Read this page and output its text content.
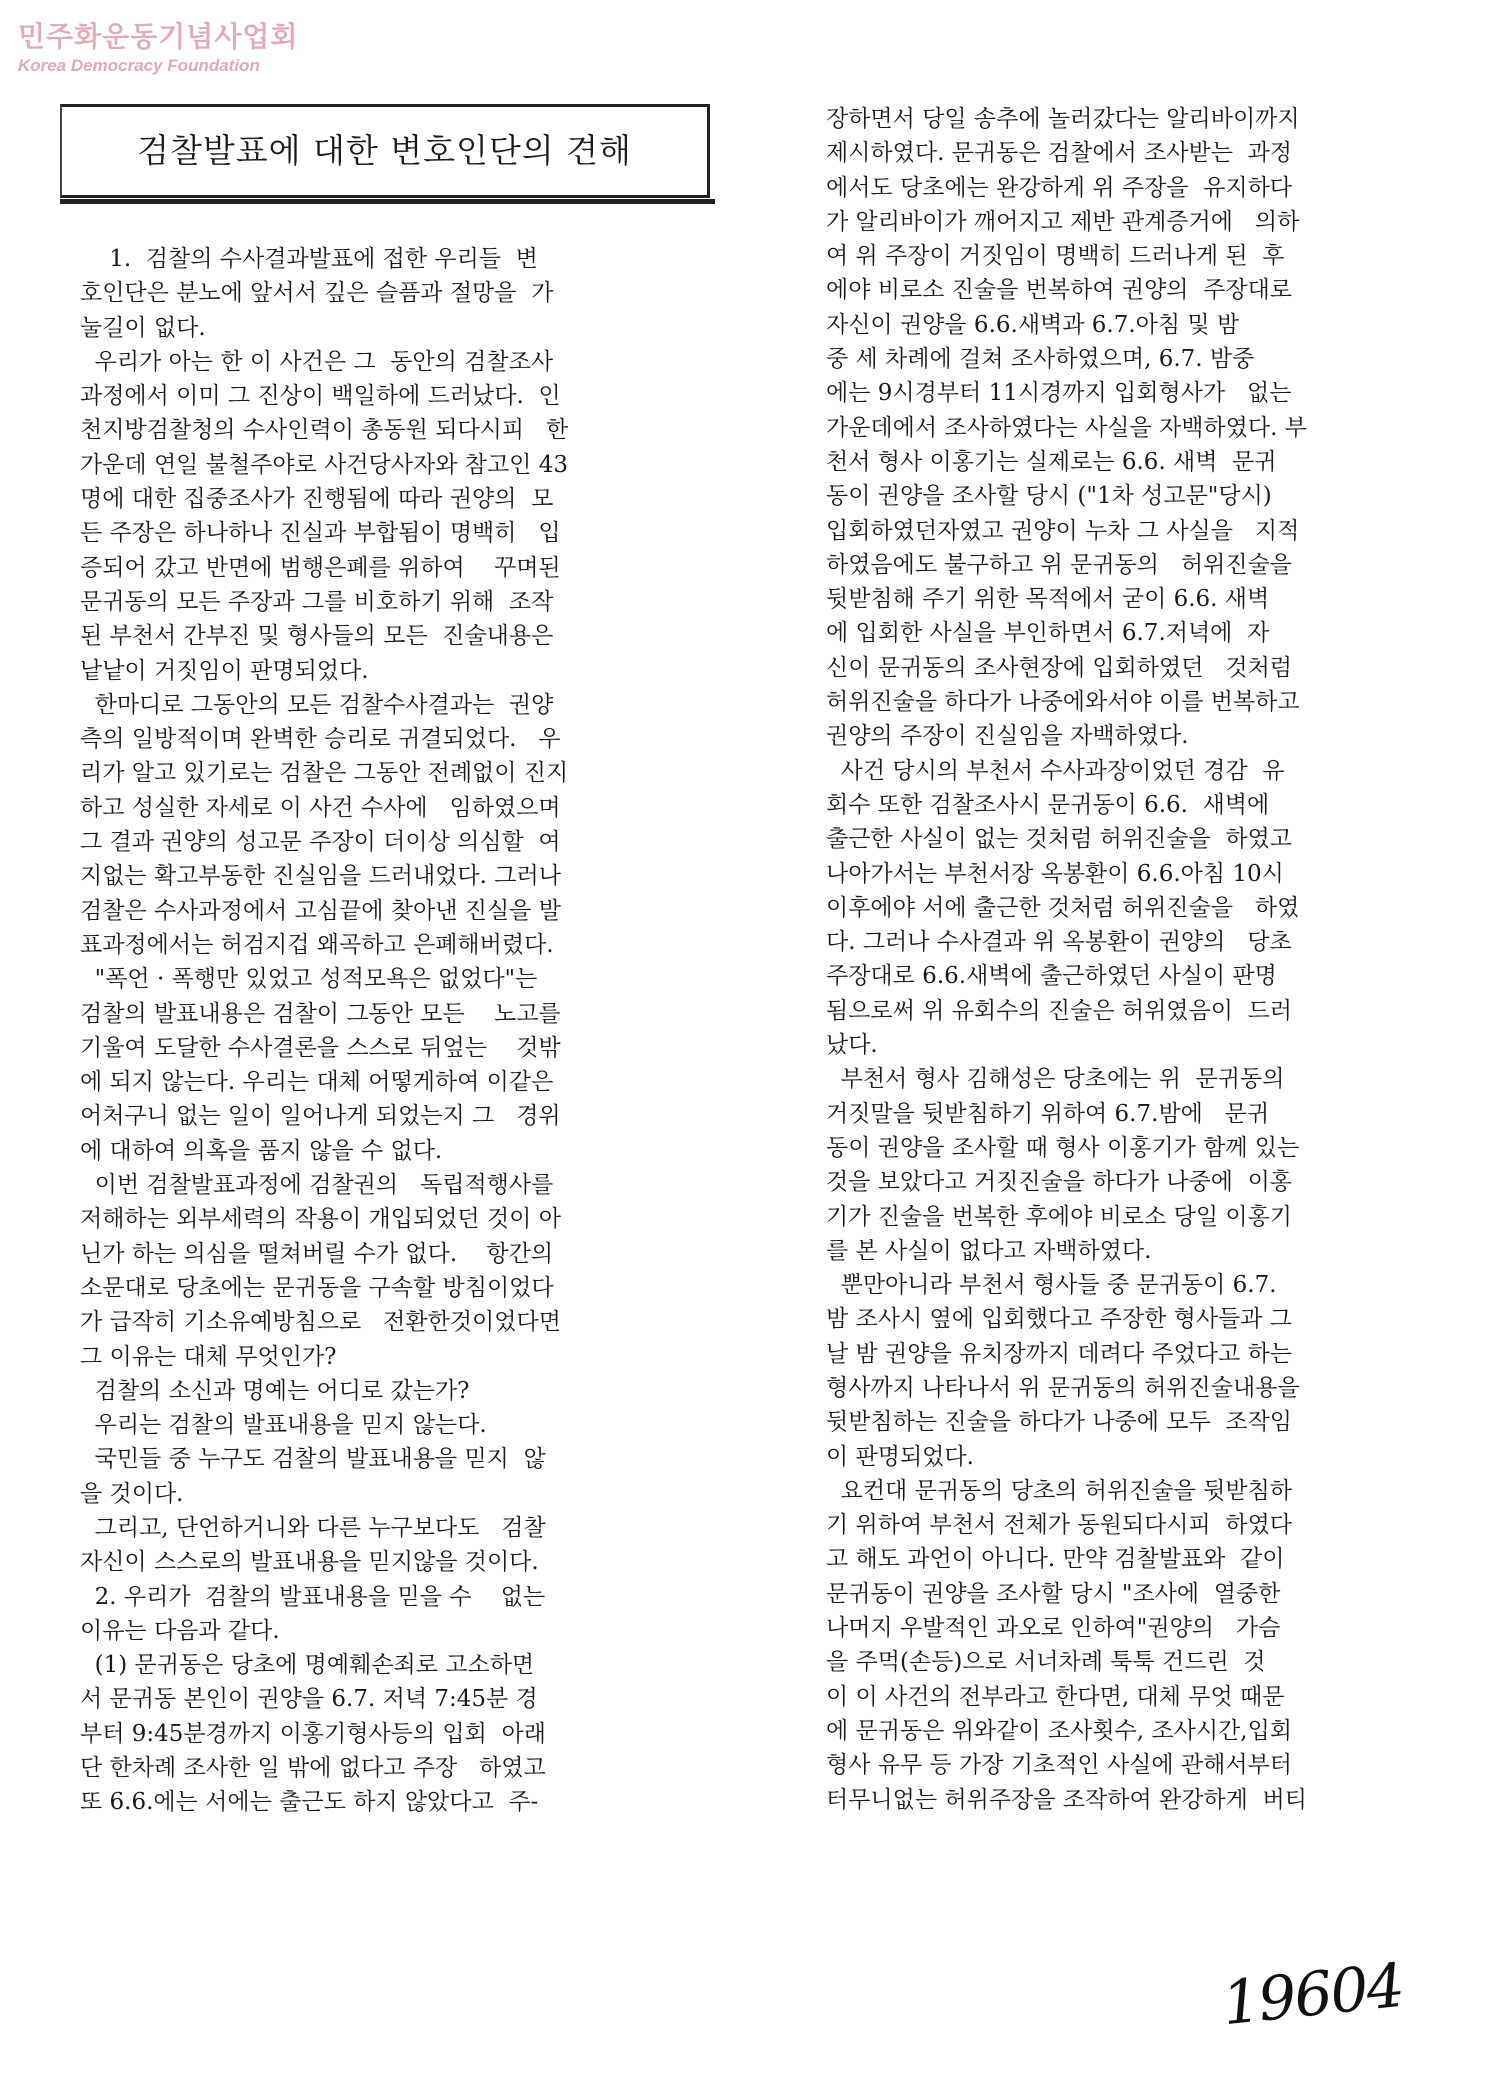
민주화운동기념사업회
Korea Democracy Foundation
검찰발표에 대한 변호인단의 견해
1.  검찰의 수사결과발표에 접한 우리들  변
호인단은 분노에 앞서서 깊은 슬픔과 절망을  가
눌길이 없다.
우리가 아는 한 이 사건은 그  동안의 검찰조사
과정에서 이미 그 진상이 백일하에 드러났다.  인
천지방검찰청의 수사인력이 총동원 되다시피   한
가운데 연일 불철주야로 사건당사자와 참고인 43
명에 대한 집중조사가 진행됨에 따라 권양의  모
든 주장은 하나하나 진실과 부합됨이 명백히   입
증되어 갔고 반면에 범행은폐를 위하여    꾸며된
문귀동의 모든 주장과 그를 비호하기 위해  조작
된 부천서 간부진 및 형사들의 모든  진술내용은
낱낱이 거짓임이 판명되었다.
한마디로 그동안의 모든 검찰수사결과는  권양
측의 일방적이며 완벽한 승리로 귀결되었다.   우
리가 알고 있기로는 검찰은 그동안 전례없이 진지
하고 성실한 자세로 이 사건 수사에   임하였으며
그 결과 권양의 성고문 주장이 더이상 의심할  여
지없는 확고부동한 진실임을 드러내었다. 그러나
검찰은 수사과정에서 고심끝에 찾아낸 진실을 발
표과정에서는 허검지겁 왜곡하고 은폐해버렸다.
"폭언 · 폭행만 있었고 성적모욕은 없었다"는
검찰의 발표내용은 검찰이 그동안 모든    노고를
기울여 도달한 수사결론을 스스로 뒤엎는    것밖
에 되지 않는다. 우리는 대체 어떻게하여 이같은
어처구니 없는 일이 일어나게 되었는지 그   경위
에 대하여 의혹을 품지 않을 수 없다.
이번 검찰발표과정에 검찰권의   독립적행사를
저해하는 외부세력의 작용이 개입되었던 것이 아
닌가 하는 의심을 떨쳐버릴 수가 없다.    항간의
소문대로 당초에는 문귀동을 구속할 방침이었다
가 급작히 기소유예방침으로   전환한것이었다면
그 이유는 대체 무엇인가?
검찰의 소신과 명예는 어디로 갔는가?
우리는 검찰의 발표내용을 믿지 않는다.
국민들 중 누구도 검찰의 발표내용을 믿지  않
을 것이다.
그리고, 단언하거니와 다른 누구보다도   검찰
자신이 스스로의 발표내용을 믿지않을 것이다.
2. 우리가  검찰의 발표내용을 믿을 수    없는
이유는 다음과 같다.
(1) 문귀동은 당초에 명예훼손죄로 고소하면
서 문귀동 본인이 권양을 6.7. 저녁 7:45분 경
부터 9:45분경까지 이홍기형사등의 입회  아래
단 한차례 조사한 일 밖에 없다고 주장   하였고
또 6.6.에는 서에는 출근도 하지 않았다고  주-
장하면서 당일 송추에 놀러갔다는 알리바이까지
제시하였다. 문귀동은 검찰에서 조사받는  과정
에서도 당초에는 완강하게 위 주장을  유지하다
가 알리바이가 깨어지고 제반 관계증거에   의하
여 위 주장이 거짓임이 명백히 드러나게 된  후
에야 비로소 진술을 번복하여 권양의  주장대로
자신이 권양을 6.6.새벽과 6.7.아침 및 밤
중 세 차례에 걸쳐 조사하였으며, 6.7. 밤중
에는 9시경부터 11시경까지 입회형사가   없는
가운데에서 조사하였다는 사실을 자백하였다. 부
천서 형사 이홍기는 실제로는 6.6. 새벽  문귀
동이 권양을 조사할 당시 ("1차 성고문"당시)
입회하였던자였고 권양이 누차 그 사실을   지적
하였음에도 불구하고 위 문귀동의   허위진술을
뒷받침해 주기 위한 목적에서 굳이 6.6. 새벽
에 입회한 사실을 부인하면서 6.7.저녁에  자
신이 문귀동의 조사현장에 입회하였던   것처럼
허위진술을 하다가 나중에와서야 이를 번복하고
권양의 주장이 진실임을 자백하였다.
사건 당시의 부천서 수사과장이었던 경감  유
회수 또한 검찰조사시 문귀동이 6.6.  새벽에
출근한 사실이 없는 것처럼 허위진술을  하였고
나아가서는 부천서장 옥봉환이 6.6.아침 10시
이후에야 서에 출근한 것처럼 허위진술을   하였
다. 그러나 수사결과 위 옥봉환이 권양의   당초
주장대로 6.6.새벽에 출근하였던 사실이 판명
됨으로써 위 유회수의 진술은 허위였음이  드러
났다.
부천서 형사 김해성은 당초에는 위  문귀동의
거짓말을 뒷받침하기 위하여 6.7.밤에   문귀
동이 권양을 조사할 때 형사 이홍기가 함께 있는
것을 보았다고 거짓진술을 하다가 나중에  이홍
기가 진술을 번복한 후에야 비로소 당일 이홍기
를 본 사실이 없다고 자백하였다.
뿐만아니라 부천서 형사들 중 문귀동이 6.7.
밤 조사시 옆에 입회했다고 주장한 형사들과 그
날 밤 권양을 유치장까지 데려다 주었다고 하는
형사까지 나타나서 위 문귀동의 허위진술내용을
뒷받침하는 진술을 하다가 나중에 모두  조작임
이 판명되었다.
요컨대 문귀동의 당초의 허위진술을 뒷받침하
기 위하여 부천서 전체가 동원되다시피  하였다
고 해도 과언이 아니다. 만약 검찰발표와  같이
문귀동이 권양을 조사할 당시 "조사에  열중한
나머지 우발적인 과오로 인하여"권양의   가슴
을 주먹(손등)으로 서너차례 툭툭 건드린  것
이 이 사건의 전부라고 한다면, 대체 무엇 때문
에 문귀동은 위와같이 조사횟수, 조사시간,입회
형사 유무 등 가장 기초적인 사실에 관해서부터
터무니없는 허위주장을 조작하여 완강하게  버티
19604
